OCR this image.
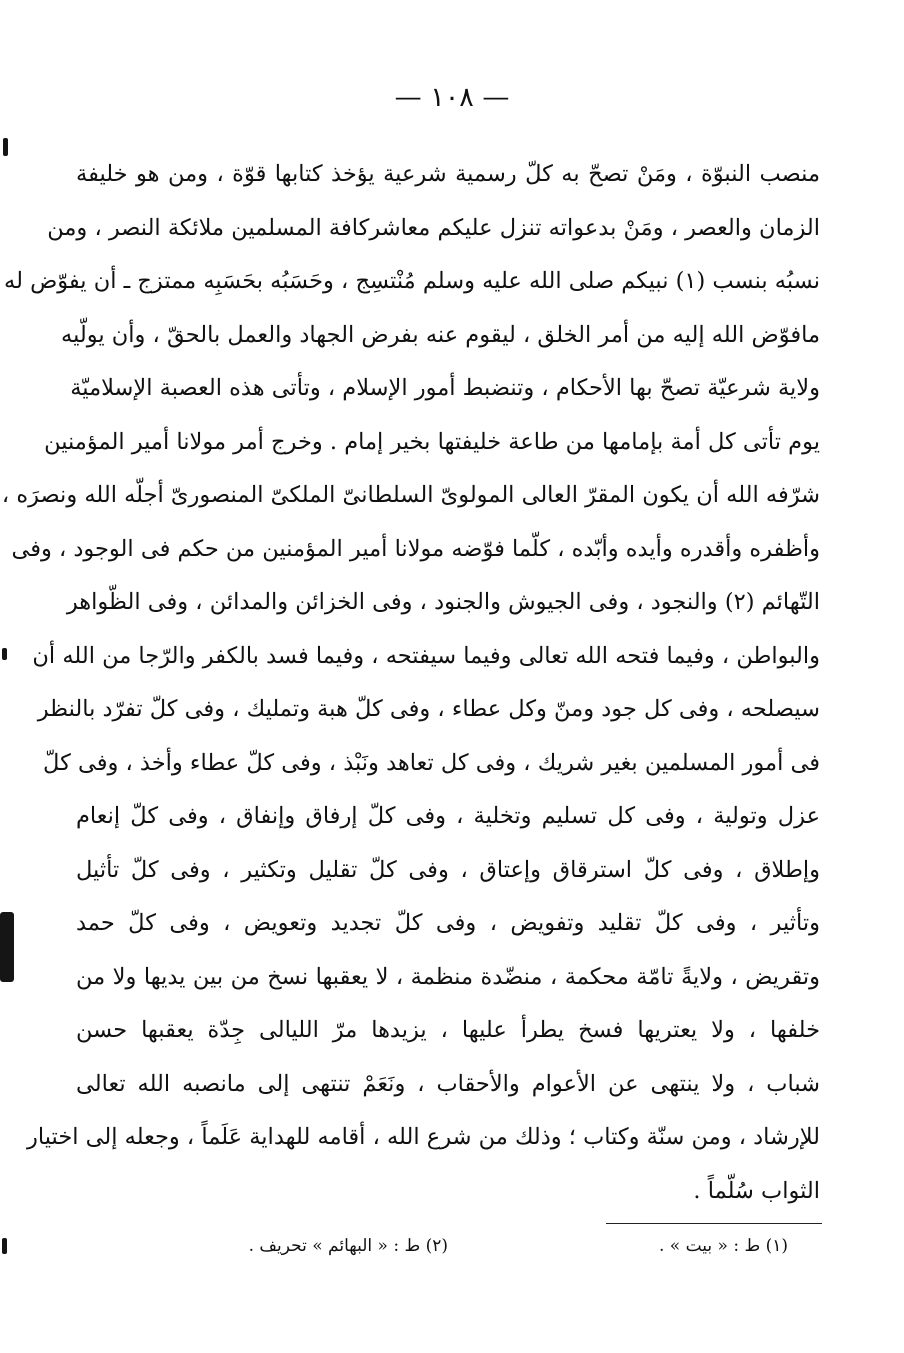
— ١٠٨ —
منصب النبوّة ، ومَنْ تصحّ به كلّ رسمية شرعية يؤخذ كتابها قوّة ، ومن هو خليفة
الزمان والعصر ، ومَنْ بدعواته تنزل عليكم معاشركافة المسلمين ملائكة النصر ، ومن
نسبُه بنسب (١) نبيكم صلى الله عليه وسلم مُنْتسِج ، وحَسَبُه بحَسَبِه ممتزج ـ أن يفوّض له
مافوّض الله إليه من أمر الخلق ، ليقوم عنه بفرض الجهاد والعمل بالحقّ ، وأن يولّيه
ولاية شرعيّة تصحّ بها الأحكام ، وتنضبط أمور الإسلام ، وتأتى هذه العصبة الإسلاميّة
يوم تأتى كل أمة بإمامها من طاعة خليفتها بخير إمام . وخرج أمر مولانا أمير المؤمنين
شرّفه الله أن يكون المقرّ العالى المولوىّ السلطانىّ الملكىّ المنصورىّ أجلّه الله ونصرَه ،
وأظفره وأقدره وأيده وأبّده ، كلّما فوّضه مولانا أمير المؤمنين من حكم فى الوجود ، وفى
التّهائم (٢) والنجود ، وفى الجيوش والجنود ، وفى الخزائن والمدائن ، وفى الظّواهر
والبواطن ، وفيما فتحه الله تعالى وفيما سيفتحه ، وفيما فسد بالكفر والرّجا من الله أن
سيصلحه ، وفى كل جود ومنّ وكل عطاء ، وفى كلّ هبة وتمليك ، وفى كلّ تفرّد بالنظر
فى أمور المسلمين بغير شريك ، وفى كل تعاهد ونَبْذ ، وفى كلّ عطاء وأخذ ، وفى كلّ
عزل وتولية ، وفى كل تسليم وتخلية ، وفى كلّ إرفاق وإنفاق ، وفى كلّ إنعام
وإطلاق ، وفى كلّ استرقاق وإعتاق ، وفى كلّ تقليل وتكثير ، وفى كلّ تأثيل
وتأثير ، وفى كلّ تقليد وتفويض ، وفى كلّ تجديد وتعويض ، وفى كلّ حمد
وتقريض ، ولايةً تامّة محكمة ، منضّدة منظمة ، لا يعقبها نسخ من بين يديها ولا من
خلفها ، ولا يعتريها فسخ يطرأ عليها ، يزيدها مرّ الليالى جِدّة يعقبها حسن
شباب ، ولا ينتهى عن الأعوام والأحقاب ، ونَعَمْ تنتهى إلى مانصبه الله تعالى
للإرشاد ، ومن سنّة وكتاب ؛ وذلك من شرع الله ، أقامه للهداية عَلَماً ، وجعله إلى اختيار
الثواب سُلّماً .
(١) ط : « بيت » .
(٢) ط : « البهائم » تحريف .
